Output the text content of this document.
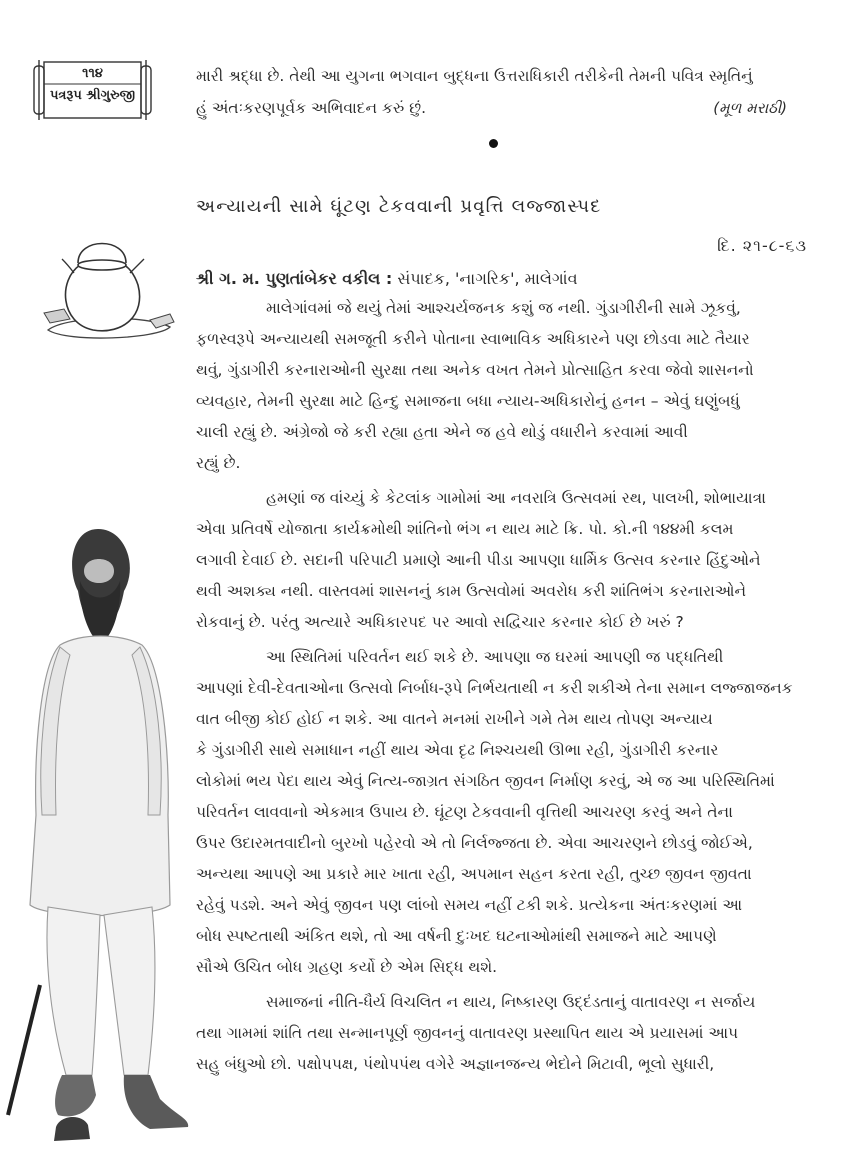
૧૧૪
પત્રરૂપ શ્રીગુરુજી
મારી શ્રદ્ધા છે. તેથી આ યુગના ભગવાન બુદ્ધના ઉત્તરાધિકારી તરીકેની તેમની પવિત્ર સ્મૃતિનું
હું અંતઃકરણપૂર્વક અભિવાદન કરું છું.	(મૂળ મરાઠી)
અન્યાયની સામે ઘૂંટણ ટેકવવાની પ્રવૃત્તિ લજ્જાસ્પદ
દિ. ૨૧-૮-૬૩
શ્રી ગ. મ. પુણતાંબેકર વકીલ : સંપાદક, 'નાગરિક', માલેગાંવ
માલેગાંવમાં જે થયું તેમાં આશ્ચર્યજનક કશું જ નથી. ગુંડાગીરીની સામે ઝૂકવું,
ફળસ્વરૂપે અન્યાયથી સમજૂતી કરીને પોતાના સ્વાભાવિક અધિકારને પણ છોડવા માટે તૈયાર
થવું, ગુંડાગીરી કરનારાઓની સુરક્ષા તથા અનેક વખત તેમને પ્રોત્સાહિત કરવા જેવો શાસનનો
વ્યવહાર, તેમની સુરક્ષા માટે હિન્દુ સમાજના બધા ન્યાય-અધિકારોનું હનન – એવું ઘણુંબધું
ચાલી રહ્યું છે. અંગ્રેજો જે કરી રહ્યા હતા એને જ હવે થોડું વધારીને કરવામાં આવી
રહ્યું છે.
હમણાં જ વાંચ્યું કે કેટલાંક ગામોમાં આ નવરાત્રિ ઉત્સવમાં રથ, પાલખી, શોભાયાત્રા
એવા પ્રતિવર્ષે યોજાતા કાર્યક્રમોથી શાંતિનો ભંગ ન થાય માટે ક્રિ. પો. કો.ની ૧૪૪મી કલમ
લગાવી દેવાઈ છે. સદાની પરિપાટી પ્રમાણે આની પીડા આપણા ધાર્મિક ઉત્સવ કરનાર હિંદુઓને
થવી અશક્ય નથી. વાસ્તવમાં શાસનનું કામ ઉત્સવોમાં અવરોધ કરી શાંતિભંગ કરનારાઓને
રોકવાનું છે. પરંતુ અત્યારે અધિકારપદ પર આવો સદ્વિચાર કરનાર કોઈ છે ખરું ?
આ સ્થિતિમાં પરિવર્તન થઈ શકે છે. આપણા જ ઘરમાં આપણી જ પદ્ધતિથી
આપણાં દેવી-દેવતાઓના ઉત્સવો નિર્બાધ-રૂપે નિર્ભયતાથી ન કરી શકીએ તેના સમાન લજ્જાજનક
વાત બીજી કોઈ હોઈ ન શકે. આ વાતને મનમાં રાખીને ગમે તેમ થાય તોપણ અન્યાય
કે ગુંડાગીરી સાથે સમાધાન નહીં થાય એવા દૃઢ નિશ્ચયથી ઊભા રહી, ગુંડાગીરી કરનાર
લોકોમાં ભય પેદા થાય એવું નિત્ય-જાગ્રત સંગઠિત જીવન નિર્માણ કરવું, એ જ આ પરિસ્થિતિમાં
પરિવર્તન લાવવાનો એકમાત્ર ઉપાય છે. ઘૂંટણ ટેકવવાની વૃત્તિથી આચરણ કરવું અને તેના
ઉપર ઉદારમતવાદીનો બુરખો પહેરવો એ તો નિર્લજ્જતા છે. એવા આચરણને છોડવું જોઈએ,
અન્યથા આપણે આ પ્રકારે માર ખાતા રહી, અપમાન સહન કરતા રહી, તુચ્છ જીવન જીવતા
રહેવું પડશે. અને એવું જીવન પણ લાંબો સમય નહીં ટકી શકે. પ્રત્યેકના અંતઃકરણમાં આ
બોધ સ્પષ્ટતાથી અંકિત થશે, તો આ વર્ષની દુઃખદ ઘટનાઓમાંથી સમાજને માટે આપણે
સૌએ ઉચિત બોધ ગ્રહણ કર્યો છે એમ સિદ્ધ થશે.
સમાજનાં નીતિ-ધૈર્ય વિચલિત ન થાય, નિષ્કારણ ઉદ્દંડતાનું વાતાવરણ ન સર્જાય
તથા ગામમાં શાંતિ તથા સન્માનપૂર્ણ જીવનનું વાતાવરણ પ્રસ્થાપિત થાય એ પ્રયાસમાં આપ
સહુ બંધુઓ છો. પક્ષોપપક્ષ, પંથોપપંથ વગેરે અજ્ઞાનજન્ય ભેદોને મિટાવી, ભૂલો સુધારી,
